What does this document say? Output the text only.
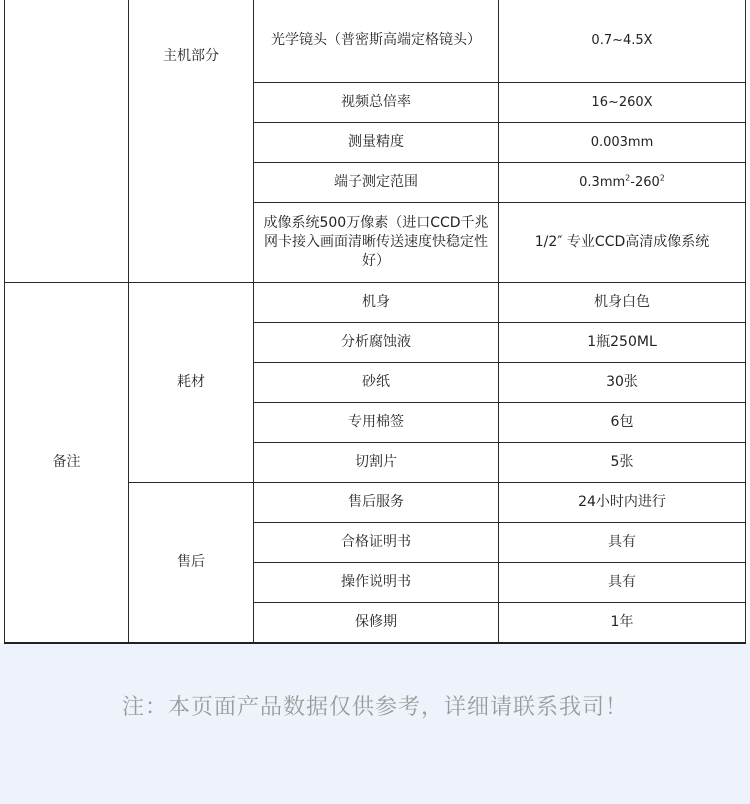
	主机部分	光学镜头（普密斯高端定格镜头）	0.7~4.5X
		视频总倍率	16~260X
		测量精度	0.003mm
		端子测定范围	$0.3mm^2-260^2$
		成像系统500万像素（进口CCD千兆网卡接入画面清晰传送速度快稳定性好）	1/2″ 专业CCD高清成像系统
备注	耗材	机身	机身白色
		分析腐蚀液	1瓶250ML
		砂纸	30张
		专用棉签	6包
		切割片	5张
	售后	售后服务	24小时内进行
		合格证明书	具有
		操作说明书	具有
		保修期	1年
注：本页面产品数据仅供参考，详细请联系我司！
